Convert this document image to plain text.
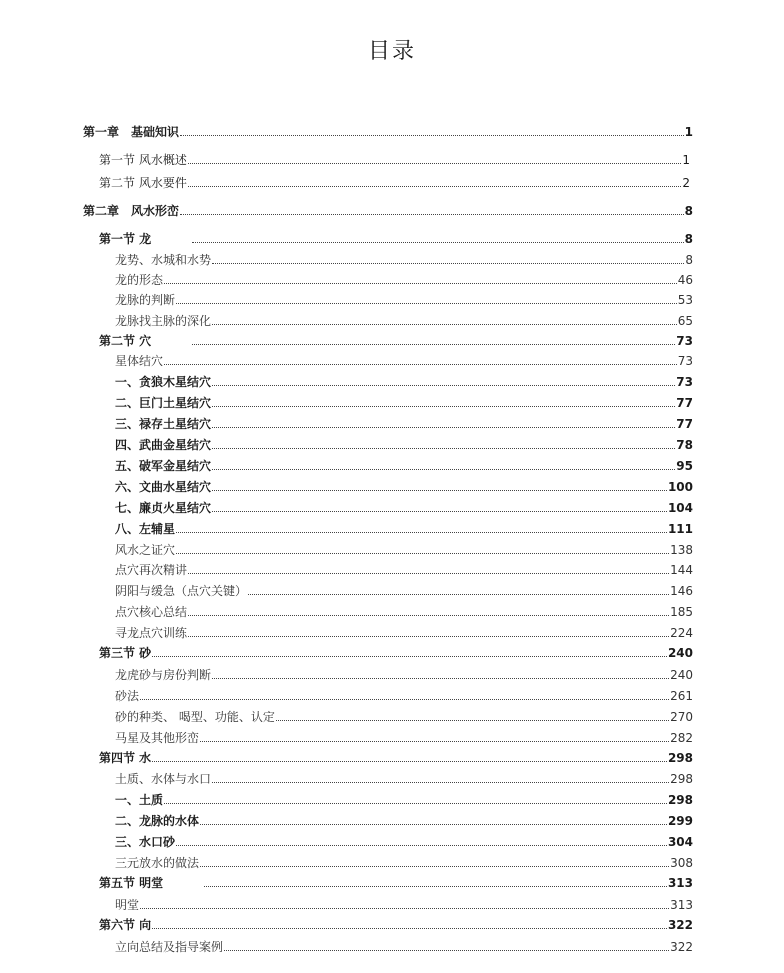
目录
第一章　基础知识	1
第一节 风水概述	1
第二节 风水要件	2
第二章　风水形峦	8
第一节 龙	8
龙势、水城和水势	8
龙的形态	46
龙脉的判断	53
龙脉找主脉的深化	65
第二节 穴	73
星体结穴	73
一、贪狼木星结穴	73
二、巨门土星结穴	77
三、禄存土星结穴	77
四、武曲金星结穴	78
五、破军金星结穴	95
六、文曲水星结穴	100
七、廉贞火星结穴	104
八、左辅星	111
风水之证穴	138
点穴再次精讲	144
阴阳与缓急（点穴关键）	146
点穴核心总结	185
寻龙点穴训练	224
第三节 砂	240
龙虎砂与房份判断	240
砂法	261
砂的种类、 喝型、功能、认定	270
马星及其他形峦	282
第四节 水	298
土质、水体与水口	298
一、土质	298
二、龙脉的水体	299
三、水口砂	304
三元放水的做法	308
第五节 明堂	313
明堂	313
第六节 向	322
立向总结及指导案例	322
